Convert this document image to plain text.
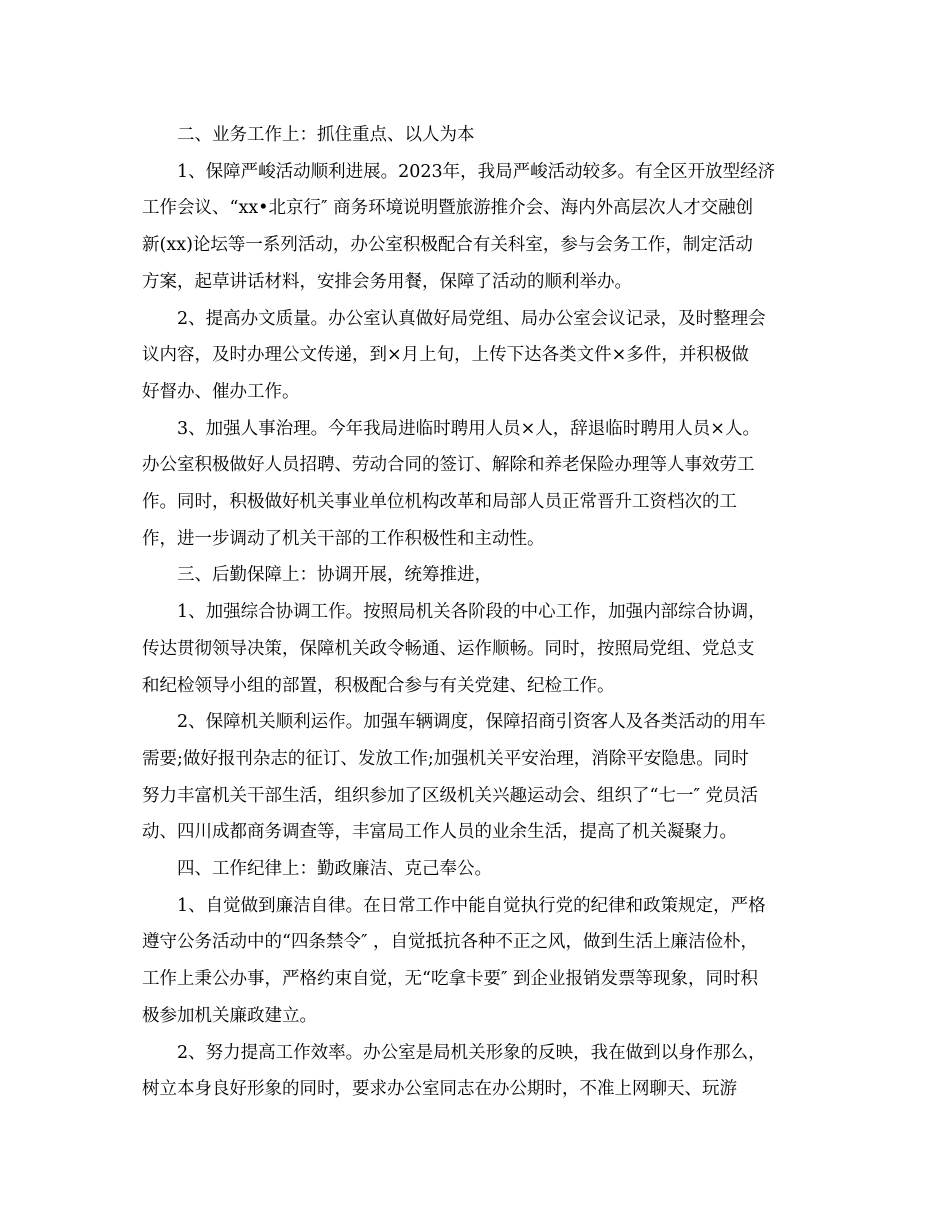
二、业务工作上：抓住重点、以人为本

1、保障严峻活动顺利进展。2023年，我局严峻活动较多。有全区开放型经济
工作会议、“xx•北京行″ 商务环境说明暨旅游推介会、海内外高层次人才交融创
新(xx)论坛等一系列活动，办公室积极配合有关科室，参与会务工作，制定活动
方案，起草讲话材料，安排会务用餐，保障了活动的顺利举办。

2、提高办文质量。办公室认真做好局党组、局办公室会议记录，及时整理会
议内容，及时办理公文传递，到×月上旬，上传下达各类文件×多件，并积极做
好督办、催办工作。

3、加强人事治理。今年我局进临时聘用人员×人，辞退临时聘用人员×人。
办公室积极做好人员招聘、劳动合同的签订、解除和养老保险办理等人事效劳工
作。同时，积极做好机关事业单位机构改革和局部人员正常晋升工资档次的工
作，进一步调动了机关干部的工作积极性和主动性。

三、后勤保障上：协调开展，统筹推进，

1、加强综合协调工作。按照局机关各阶段的中心工作，加强内部综合协调，
传达贯彻领导决策，保障机关政令畅通、运作顺畅。同时，按照局党组、党总支
和纪检领导小组的部置，积极配合参与有关党建、纪检工作。

2、保障机关顺利运作。加强车辆调度，保障招商引资客人及各类活动的用车
需要;做好报刊杂志的征订、发放工作;加强机关平安治理，消除平安隐患。同时
努力丰富机关干部生活，组织参加了区级机关兴趣运动会、组织了“七一″ 党员活
动、四川成都商务调查等，丰富局工作人员的业余生活，提高了机关凝聚力。

四、工作纪律上：勤政廉洁、克己奉公。

1、自觉做到廉洁自律。在日常工作中能自觉执行党的纪律和政策规定，严格
遵守公务活动中的“四条禁令″ ，自觉抵抗各种不正之风，做到生活上廉洁俭朴，
工作上秉公办事，严格约束自觉，无“吃拿卡要″ 到企业报销发票等现象，同时积
极参加机关廉政建立。

2、努力提高工作效率。办公室是局机关形象的反映，我在做到以身作那么，
树立本身良好形象的同时，要求办公室同志在办公期时，不准上网聊天、玩游
